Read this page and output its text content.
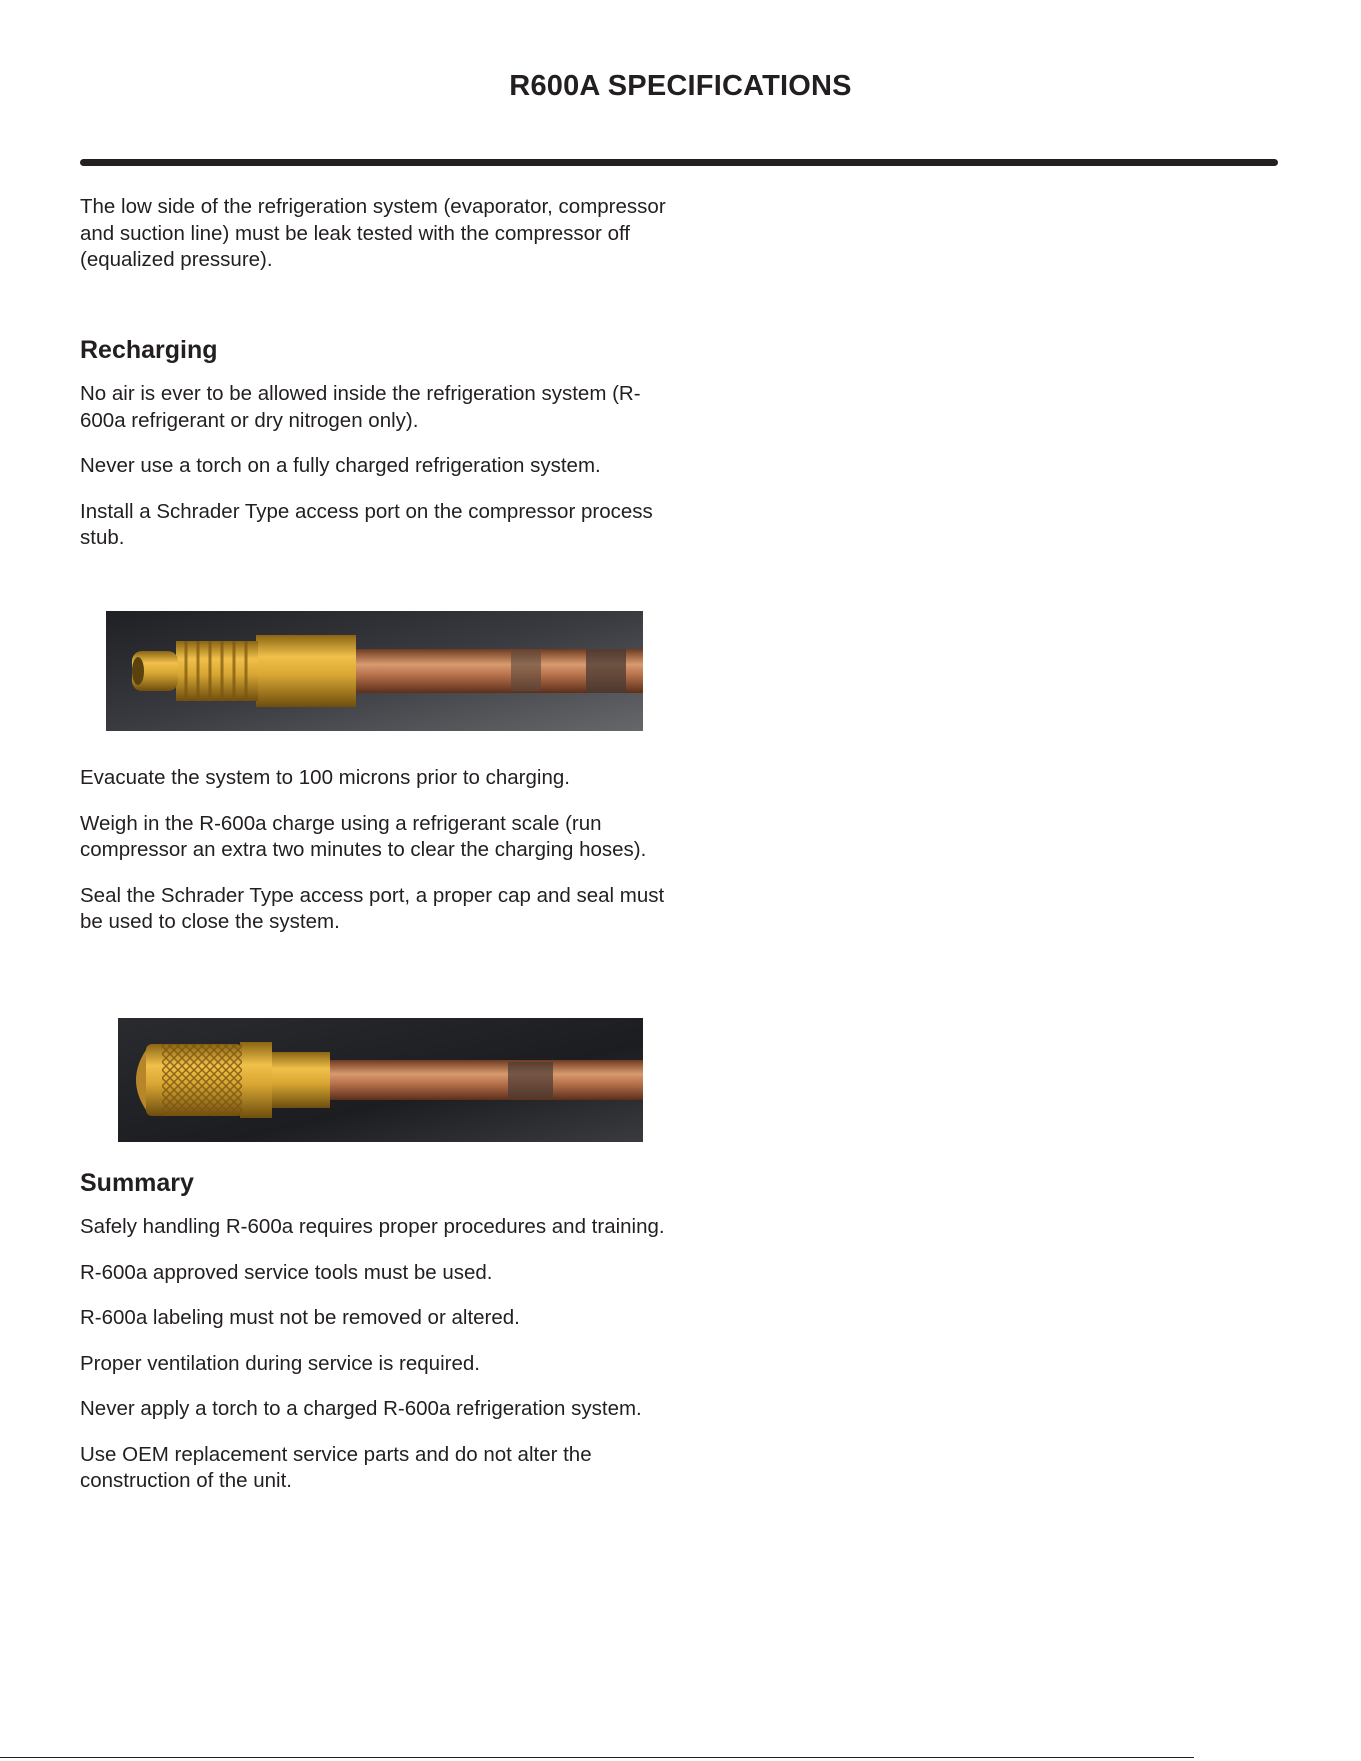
R600A SPECIFICATIONS

The low side of the refrigeration system (evaporator, compressor and suction line) must be leak tested with the compressor off (equalized pressure).

Recharging

No air is ever to be allowed inside the refrigeration system (R-600a refrigerant or dry nitrogen only).

Never use a torch on a fully charged refrigeration system.

Install a Schrader Type access port on the compressor process stub.

Evacuate the system to 100 microns prior to charging.

Weigh in the R-600a charge using a refrigerant scale (run compressor an extra two minutes to clear the charging hoses).

Seal the Schrader Type access port, a proper cap and seal must be used to close the system.

Summary

Safely handling R-600a requires proper procedures and training.

R-600a approved service tools must be used.

R-600a labeling must not be removed or altered.

Proper ventilation during service is required.

Never apply a torch to a charged R-600a refrigeration system.

Use OEM replacement service parts and do not alter the construction of the unit.
